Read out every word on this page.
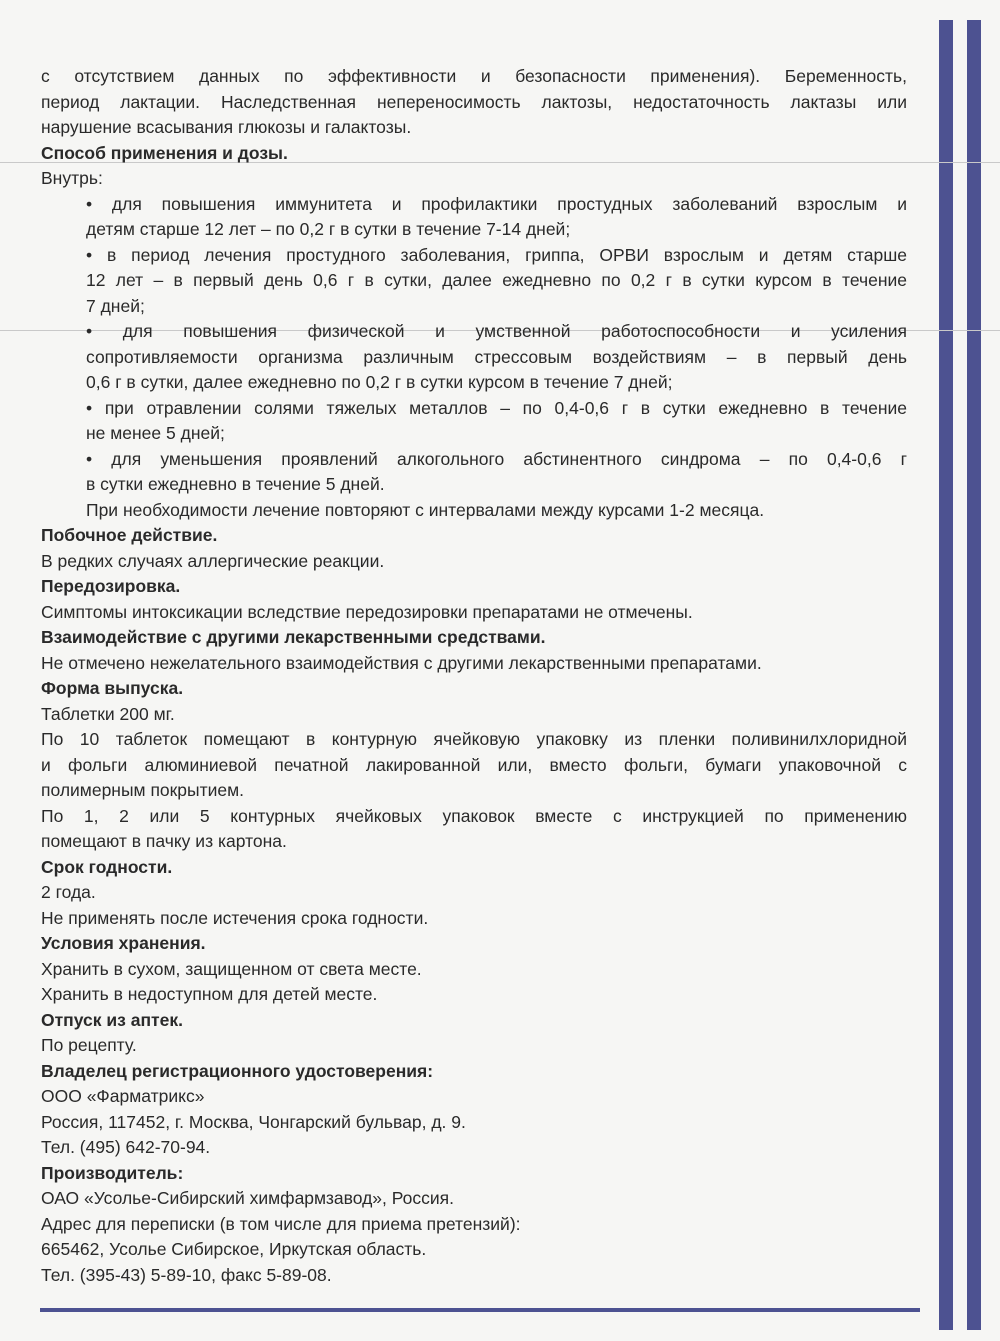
с отсутствием данных по эффективности и безопасности применения). Беременность,
период лактации. Наследственная непереносимость лактозы, недостаточность лактазы или
нарушение всасывания глюкозы и галактозы.
Способ применения и дозы.
Внутрь:
• для повышения иммунитета и профилактики простудных заболеваний взрослым и
детям старше 12 лет – по 0,2 г в сутки в течение 7-14 дней;
• в период лечения простудного заболевания, гриппа, ОРВИ взрослым и детям старше
12 лет – в первый день 0,6 г в сутки, далее ежедневно по 0,2 г в сутки курсом в течение
7 дней;
• для повышения физической и умственной работоспособности и усиления
сопротивляемости организма различным стрессовым воздействиям – в первый день
0,6 г в сутки, далее ежедневно по 0,2 г в сутки курсом в течение 7 дней;
• при отравлении солями тяжелых металлов – по 0,4-0,6 г в сутки ежедневно в течение
не менее 5 дней;
• для уменьшения проявлений алкогольного абстинентного синдрома – по 0,4-0,6 г
в сутки ежедневно в течение 5 дней.
При необходимости лечение повторяют с интервалами между курсами 1-2 месяца.
Побочное действие.
В редких случаях аллергические реакции.
Передозировка.
Симптомы интоксикации вследствие передозировки препаратами не отмечены.
Взаимодействие с другими лекарственными средствами.
Не отмечено нежелательного взаимодействия с другими лекарственными препаратами.
Форма выпуска.
Таблетки 200 мг.
По 10 таблеток помещают в контурную ячейковую упаковку из пленки поливинилхлоридной
и фольги алюминиевой печатной лакированной или, вместо фольги, бумаги упаковочной с
полимерным покрытием.
По 1, 2 или 5 контурных ячейковых упаковок вместе с инструкцией по применению
помещают в пачку из картона.
Срок годности.
2 года.
Не применять после истечения срока годности.
Условия хранения.
Хранить в сухом, защищенном от света месте.
Хранить в недоступном для детей месте.
Отпуск из аптек.
По рецепту.
Владелец регистрационного удостоверения:
ООО «Фарматрикс»
Россия, 117452, г. Москва, Чонгарский бульвар, д. 9.
Тел. (495) 642-70-94.
Производитель:
ОАО «Усолье-Сибирский химфармзавод», Россия.
Адрес для переписки (в том числе для приема претензий):
665462, Усолье Сибирское, Иркутская область.
Тел. (395-43) 5-89-10, факс 5-89-08.
